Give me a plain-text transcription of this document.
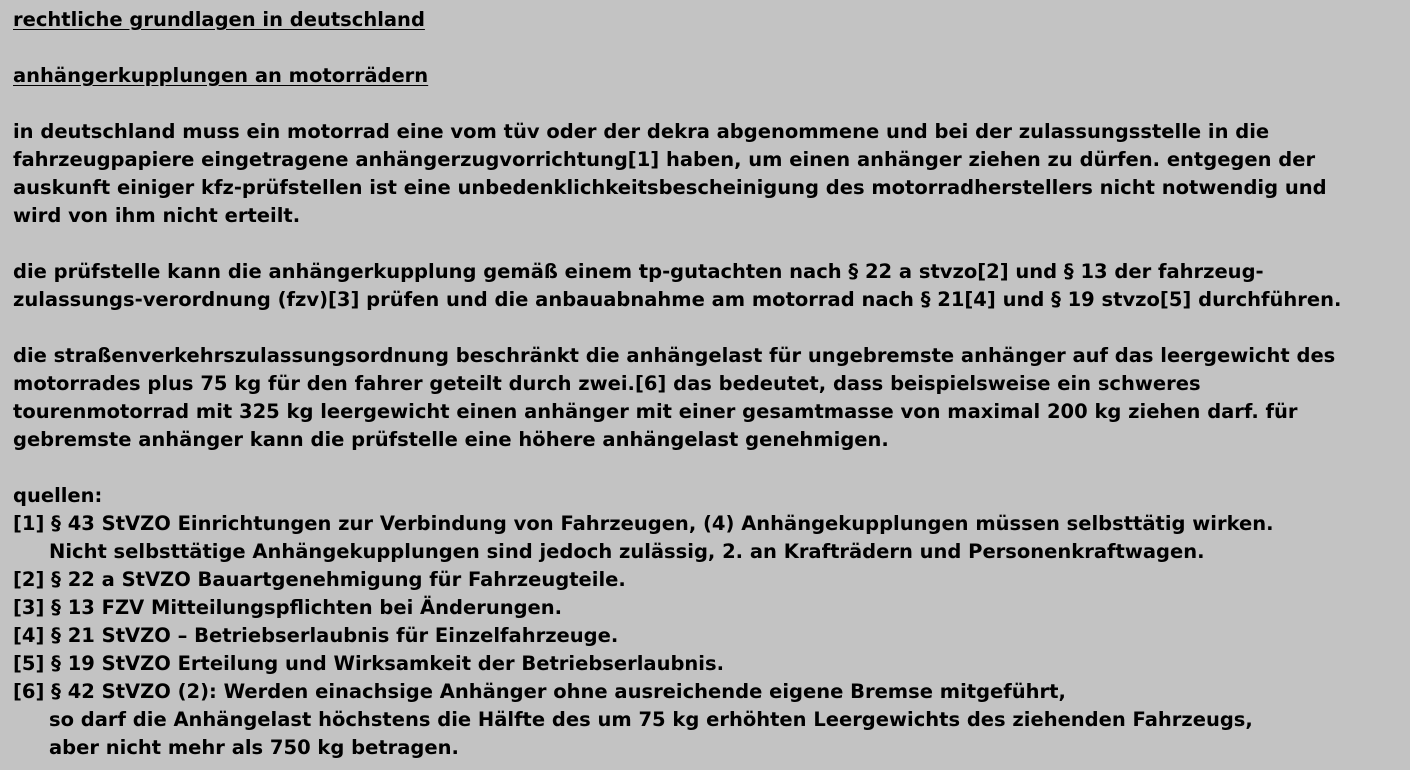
rechtliche grundlagen in deutschland
anhängerkupplungen an motorrädern
in deutschland muss ein motorrad eine vom tüv oder der dekra abgenommene und bei der zulassungsstelle in die
fahrzeugpapiere eingetragene anhängerzugvorrichtung[1] haben, um einen anhänger ziehen zu dürfen. entgegen der
auskunft einiger kfz-prüfstellen ist eine unbedenklichkeitsbescheinigung des motorradherstellers nicht notwendig und
wird von ihm nicht erteilt.
die prüfstelle kann die anhängerkupplung gemäß einem tp-gutachten nach § 22 a stvzo[2] und § 13 der fahrzeug-
zulassungs-verordnung (fzv)[3] prüfen und die anbauabnahme am motorrad nach § 21[4] und § 19 stvzo[5] durchführen.
die straßenverkehrszulassungsordnung beschränkt die anhängelast für ungebremste anhänger auf das leergewicht des
motorrades plus 75 kg für den fahrer geteilt durch zwei.[6] das bedeutet, dass beispielsweise ein schweres
tourenmotorrad mit 325 kg leergewicht einen anhänger mit einer gesamtmasse von maximal 200 kg ziehen darf. für
gebremste anhänger kann die prüfstelle eine höhere anhängelast genehmigen.
quellen:
[1] § 43 StVZO Einrichtungen zur Verbindung von Fahrzeugen, (4) Anhängekupplungen müssen selbsttätig wirken.
Nicht selbsttätige Anhängekupplungen sind jedoch zulässig, 2. an Krafträdern und Personenkraftwagen.
[2] § 22 a StVZO Bauartgenehmigung für Fahrzeugteile.
[3] § 13 FZV Mitteilungspflichten bei Änderungen.
[4] § 21 StVZO – Betriebserlaubnis für Einzelfahrzeuge.
[5] § 19 StVZO Erteilung und Wirksamkeit der Betriebserlaubnis.
[6] § 42 StVZO (2): Werden einachsige Anhänger ohne ausreichende eigene Bremse mitgeführt,
so darf die Anhängelast höchstens die Hälfte des um 75 kg erhöhten Leergewichts des ziehenden Fahrzeugs,
aber nicht mehr als 750 kg betragen.
